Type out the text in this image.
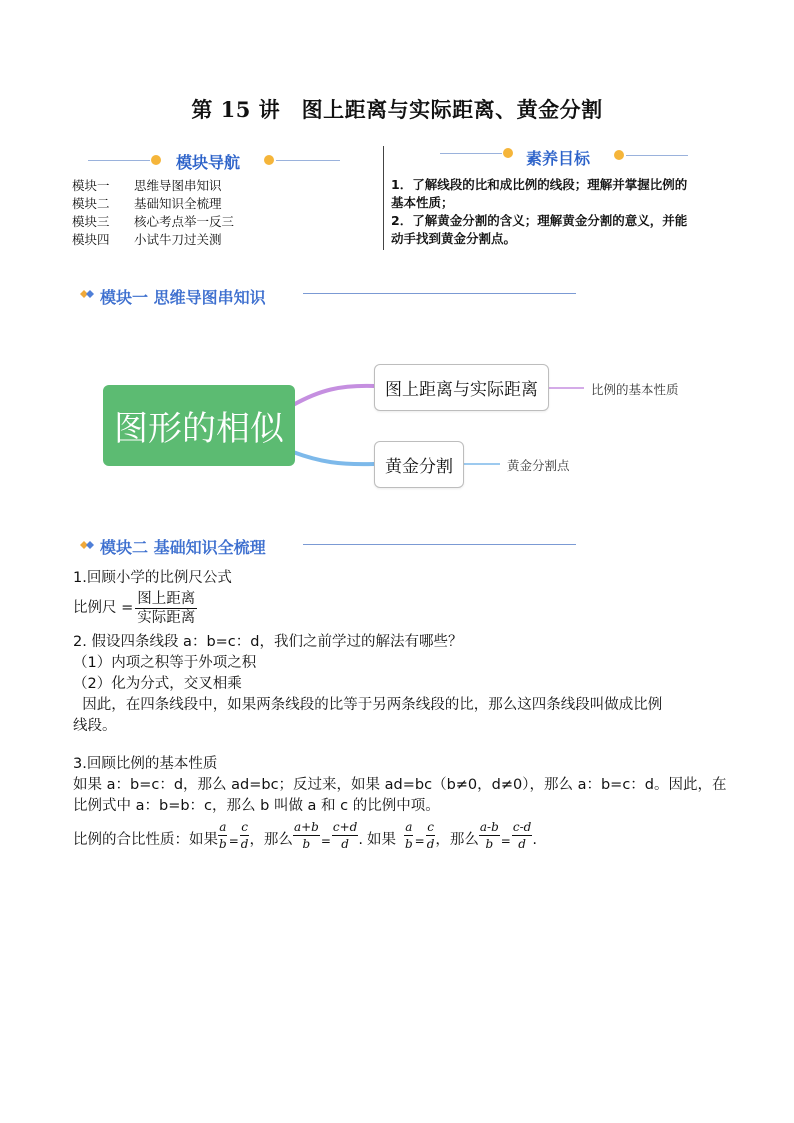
第 15 讲　图上距离与实际距离、黄金分割
模块导航
模块一 思维导图串知识
模块二 基础知识全梳理
模块三 核心考点举一反三
模块四 小试牛刀过关测
素养目标
1．了解线段的比和成比例的线段；理解并掌握比例的
基本性质；
2．了解黄金分割的含义；理解黄金分割的意义，并能
动手找到黄金分割点。
模块一 思维导图串知识
图形的相似
图上距离与实际距离	比例的基本性质
黄金分割	黄金分割点
模块二 基础知识全梳理
1.回顾小学的比例尺公式
比例尺 = $\frac{\text{图上距离}}{\text{实际距离}}$
2. 假设四条线段 a：b=c：d，我们之前学过的解法有哪些？
（1）内项之积等于外项之积
（2）化为分式，交叉相乘
因此，在四条线段中，如果两条线段的比等于另两条线段的比，那么这四条线段叫做成比例
线段。
3.回顾比例的基本性质
如果 a：b=c：d，那么 ad=bc；反过来，如果 ad=bc（b≠0，d≠0），那么 a：b=c：d。因此，在
比例式中 a：b=b：c，那么 b 叫做 a 和 c 的比例中项。
比例的合比性质：如果 $\frac{a}{b} = \frac{c}{d}$ ，那么 $\frac{a+b}{b} = \frac{c+d}{d}$ . 如果 $\frac{a}{b} = \frac{c}{d}$ ，那么 $\frac{a-b}{b} = \frac{c-d}{d}$ .
